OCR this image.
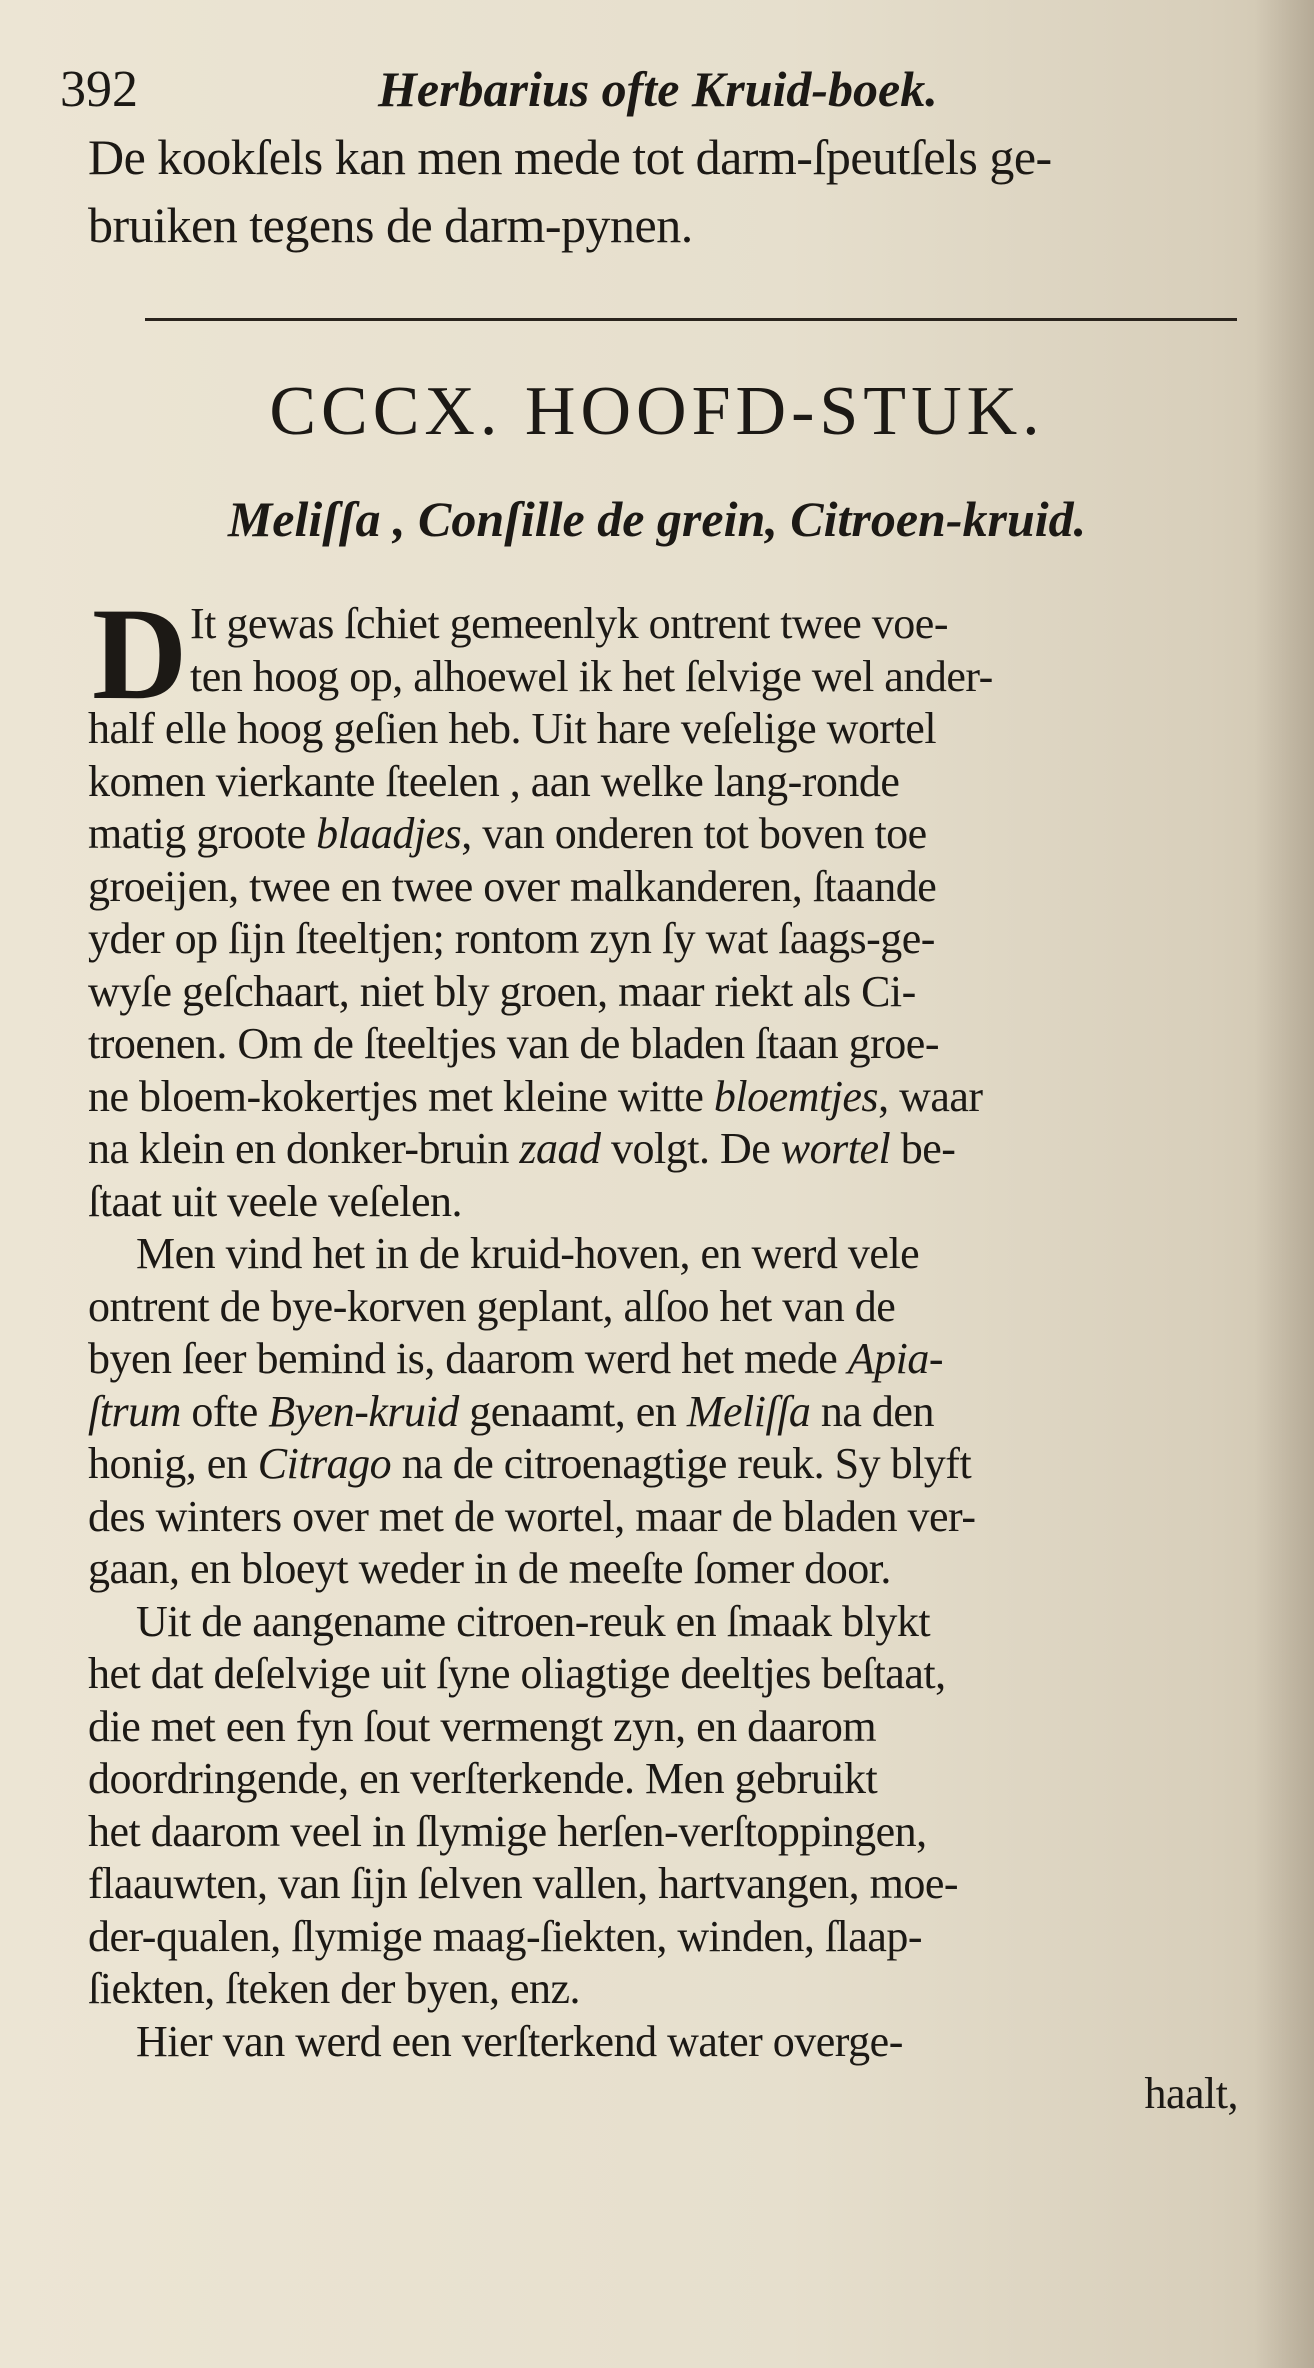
392	Herbarius ofte Kruid-boek.
De kookſels kan men mede tot darm-ſpeutſels ge-
bruiken tegens de darm-pynen.
CCCX. HOOFD-STUK.
Meliſſa , Conſille de grein, Citroen-kruid.
D It gewas ſchiet gemeenlyk ontrent twee voe-
ten hoog op, alhoewel ik het ſelvige wel ander-
half elle hoog geſien heb. Uit hare veſelige wortel
komen vierkante ſteelen , aan welke lang-ronde
matig groote blaadjes, van onderen tot boven toe
groeijen, twee en twee over malkanderen, ſtaande
yder op ſijn ſteeltjen; rontom zyn ſy wat ſaags-ge-
wyſe geſchaart, niet bly groen, maar riekt als Ci-
troenen. Om de ſteeltjes van de bladen ſtaan groe-
ne bloem-kokertjes met kleine witte bloemtjes, waar
na klein en donker-bruin zaad volgt. De wortel be-
ſtaat uit veele veſelen.
Men vind het in de kruid-hoven, en werd vele
ontrent de bye-korven geplant, alſoo het van de
byen ſeer bemind is, daarom werd het mede Apia-
ſtrum ofte Byen-kruid genaamt, en Meliſſa na den
honig, en Citrago na de citroenagtige reuk. Sy blyft
des winters over met de wortel, maar de bladen ver-
gaan, en bloeyt weder in de meeſte ſomer door.
Uit de aangename citroen-reuk en ſmaak blykt
het dat deſelvige uit ſyne oliagtige deeltjes beſtaat,
die met een fyn ſout vermengt zyn, en daarom
doordringende, en verſterkende. Men gebruikt
het daarom veel in ſlymige herſen-verſtoppingen,
flaauwten, van ſijn ſelven vallen, hartvangen, moe-
der-qualen, ſlymige maag-ſiekten, winden, ſlaap-
ſiekten, ſteken der byen, enz.
Hier van werd een verſterkend water overge-
haalt,
